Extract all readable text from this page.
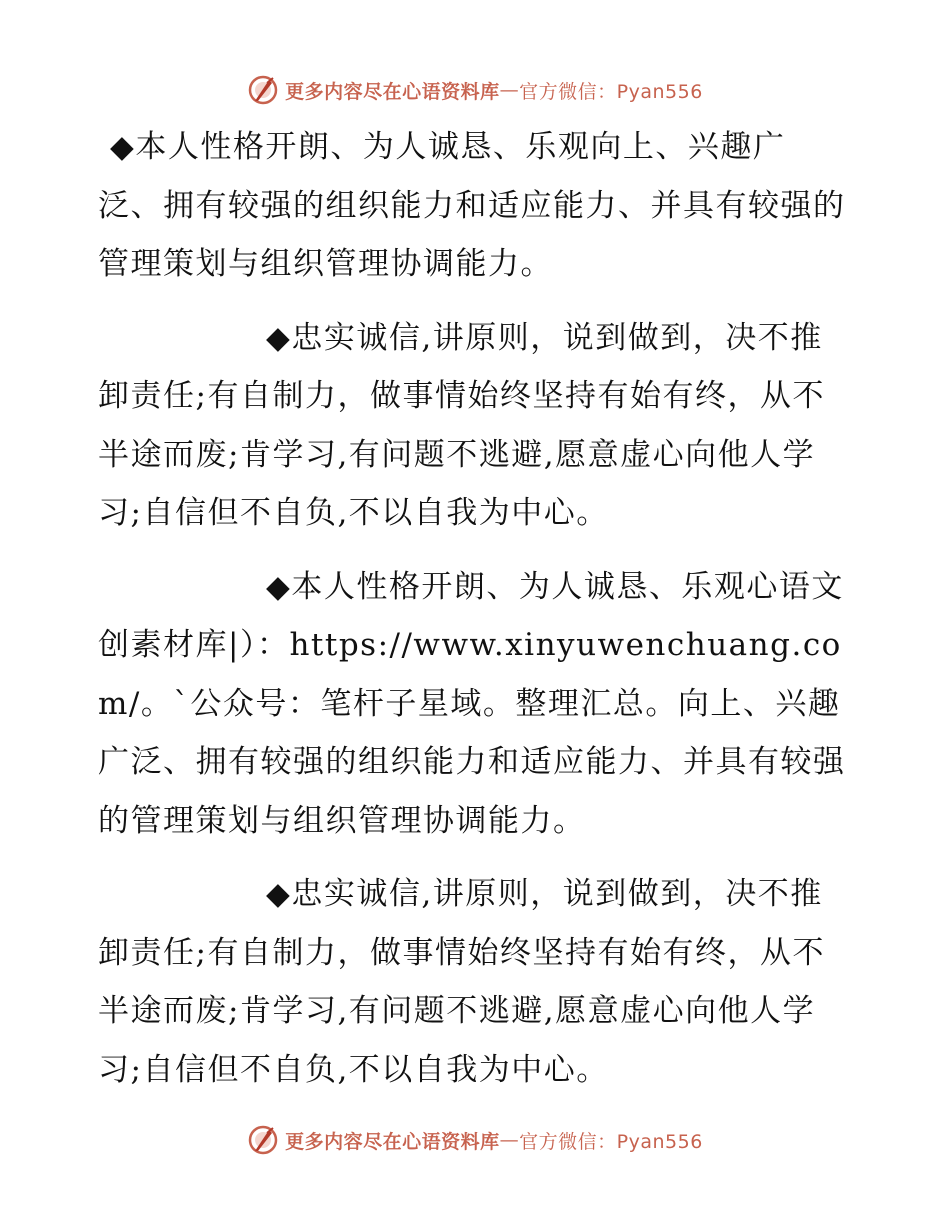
更多内容尽在心语资料库 — 官方微信：Pyan556

◆本人性格开朗、为人诚恳、乐观向上、兴趣广泛、拥有较强的组织能力和适应能力、并具有较强的管理策划与组织管理协调能力。

◆忠实诚信,讲原则，说到做到，决不推卸责任;有自制力，做事情始终坚持有始有终，从不半途而废;肯学习,有问题不逃避,愿意虚心向他人学习;自信但不自负,不以自我为中心。

◆本人性格开朗、为人诚恳、乐观心语文创素材库|）：https://www.xinyuwenchuang.com/。`公众号：笔杆子星域。整理汇总。向上、兴趣广泛、拥有较强的组织能力和适应能力、并具有较强的管理策划与组织管理协调能力。

◆忠实诚信,讲原则，说到做到，决不推卸责任;有自制力，做事情始终坚持有始有终，从不半途而废;肯学习,有问题不逃避,愿意虚心向他人学习;自信但不自负,不以自我为中心。

更多内容尽在心语资料库 — 官方微信：Pyan556
